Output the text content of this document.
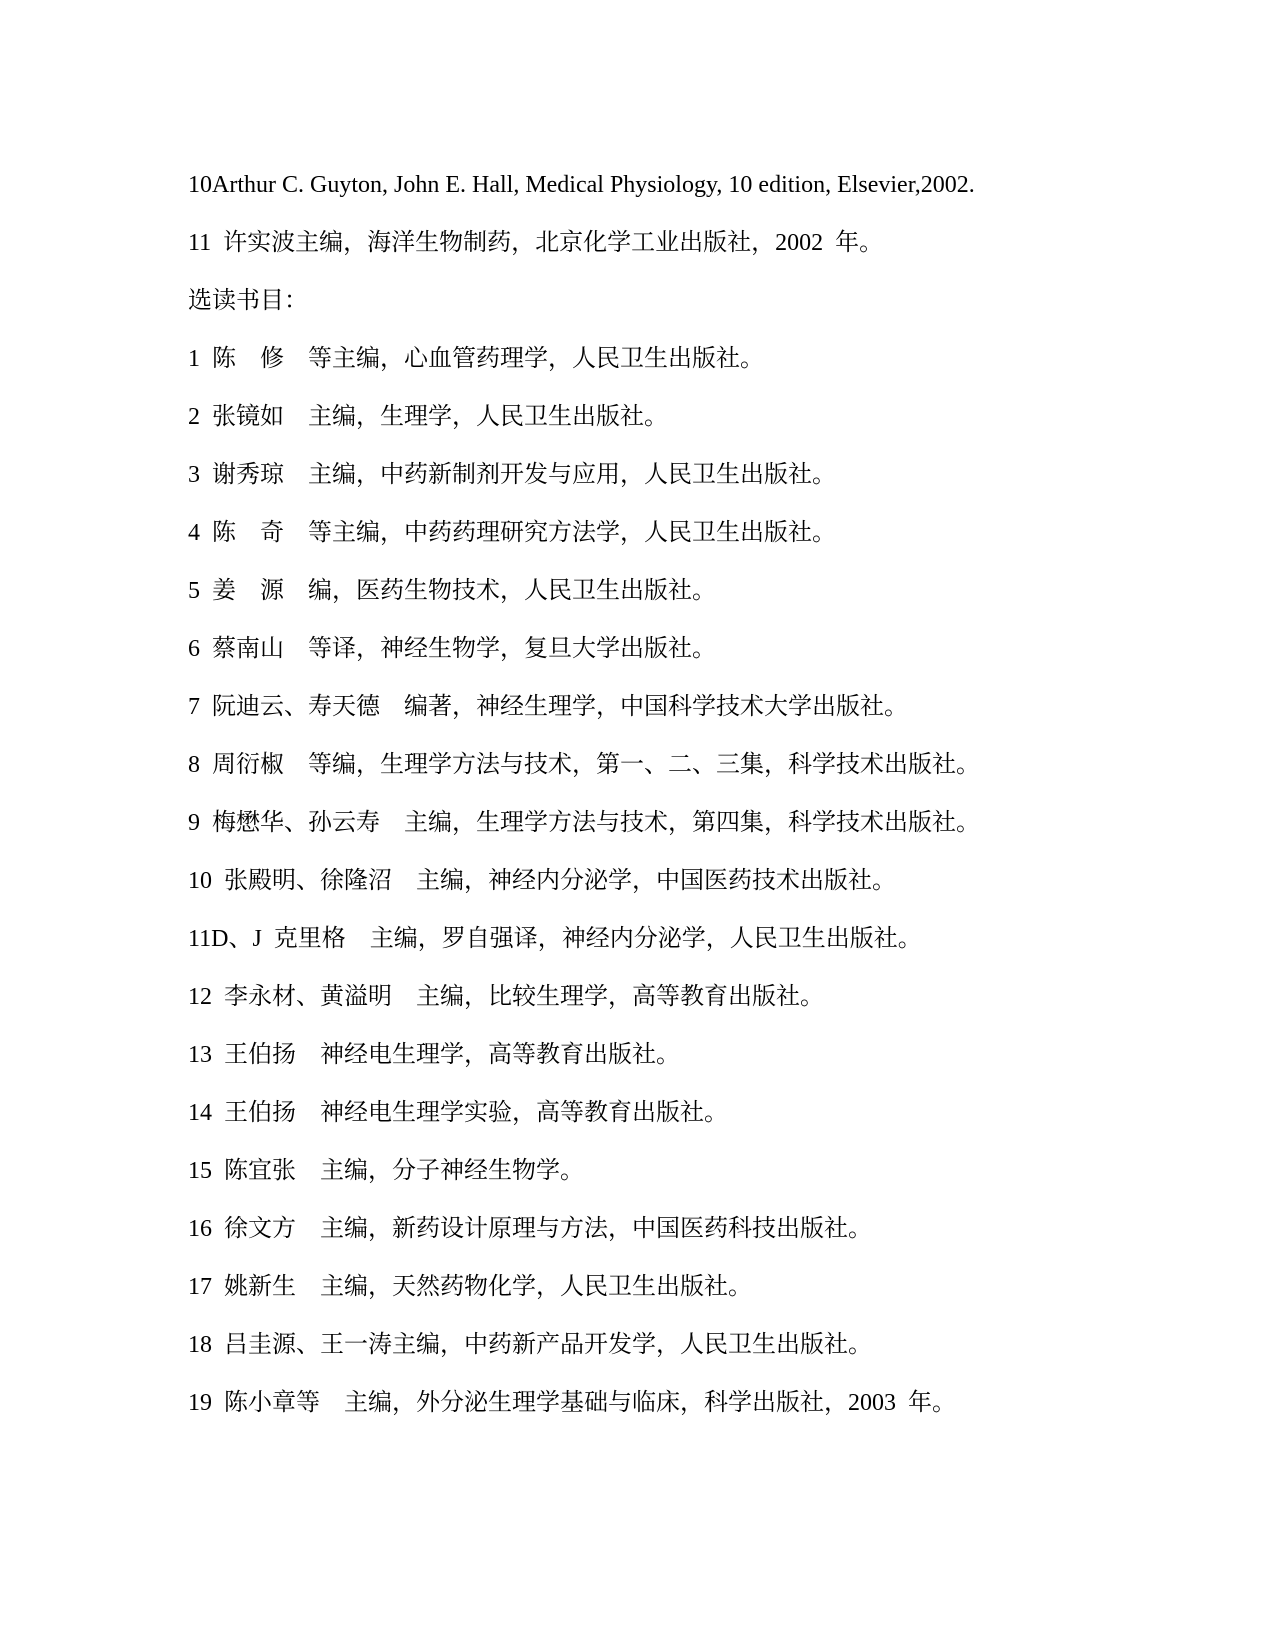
10Arthur C. Guyton, John E. Hall, Medical Physiology, 10 edition, Elsevier,2002.
11  许实波主编，海洋生物制药，北京化学工业出版社，2002  年。
选读书目：
1  陈    修    等主编，心血管药理学，人民卫生出版社。
2  张镜如    主编，生理学，人民卫生出版社。
3  谢秀琼    主编，中药新制剂开发与应用，人民卫生出版社。
4  陈    奇    等主编，中药药理研究方法学，人民卫生出版社。
5  姜    源    编，医药生物技术，人民卫生出版社。
6  蔡南山    等译，神经生物学，复旦大学出版社。
7  阮迪云、寿天德    编著，神经生理学，中国科学技术大学出版社。
8  周衍椒    等编，生理学方法与技术，第一、二、三集，科学技术出版社。
9  梅懋华、孙云寿    主编，生理学方法与技术，第四集，科学技术出版社。
10  张殿明、徐隆沼    主编，神经内分泌学，中国医药技术出版社。
11D、J  克里格    主编，罗自强译，神经内分泌学，人民卫生出版社。
12  李永材、黄溢明    主编，比较生理学，高等教育出版社。
13  王伯扬    神经电生理学，高等教育出版社。
14  王伯扬    神经电生理学实验，高等教育出版社。
15  陈宜张    主编，分子神经生物学。
16  徐文方    主编，新药设计原理与方法，中国医药科技出版社。
17  姚新生    主编，天然药物化学，人民卫生出版社。
18  吕圭源、王一涛主编，中药新产品开发学，人民卫生出版社。
19  陈小章等    主编，外分泌生理学基础与临床，科学出版社，2003  年。
